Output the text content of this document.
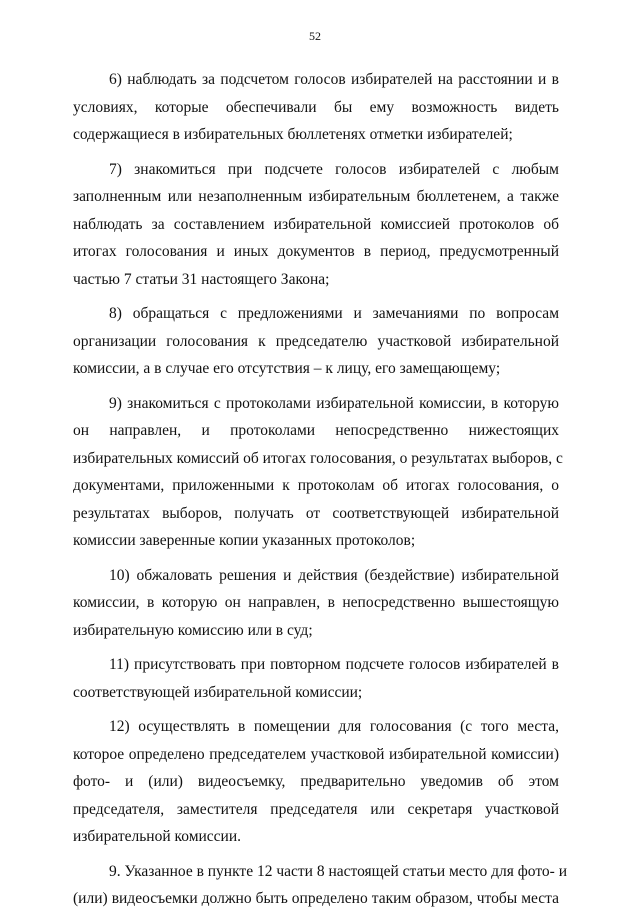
52
6) наблюдать за подсчетом голосов избирателей на расстоянии и в
условиях, которые обеспечивали бы ему возможность видеть
содержащиеся в избирательных бюллетенях отметки избирателей;
7) знакомиться при подсчете голосов избирателей с любым
заполненным или незаполненным избирательным бюллетенем, а также
наблюдать за составлением избирательной комиссией протоколов об
итогах голосования и иных документов в период, предусмотренный
частью 7 статьи 31 настоящего Закона;
8) обращаться с предложениями и замечаниями по вопросам
организации голосования к председателю участковой избирательной
комиссии, а в случае его отсутствия – к лицу, его замещающему;
9) знакомиться с протоколами избирательной комиссии, в которую
он направлен, и протоколами непосредственно нижестоящих
избирательных комиссий об итогах голосования, о результатах выборов, с
документами, приложенными к протоколам об итогах голосования, о
результатах выборов, получать от соответствующей избирательной
комиссии заверенные копии указанных протоколов;
10) обжаловать решения и действия (бездействие) избирательной
комиссии, в которую он направлен, в непосредственно вышестоящую
избирательную комиссию или в суд;
11) присутствовать при повторном подсчете голосов избирателей в
соответствующей избирательной комиссии;
12) осуществлять в помещении для голосования (с того места,
которое определено председателем участковой избирательной комиссии)
фото- и (или) видеосъемку, предварительно уведомив об этом
председателя, заместителя председателя или секретаря участковой
избирательной комиссии.
9. Указанное в пункте 12 части 8 настоящей статьи место для фото- и
(или) видеосъемки должно быть определено таким образом, чтобы места
